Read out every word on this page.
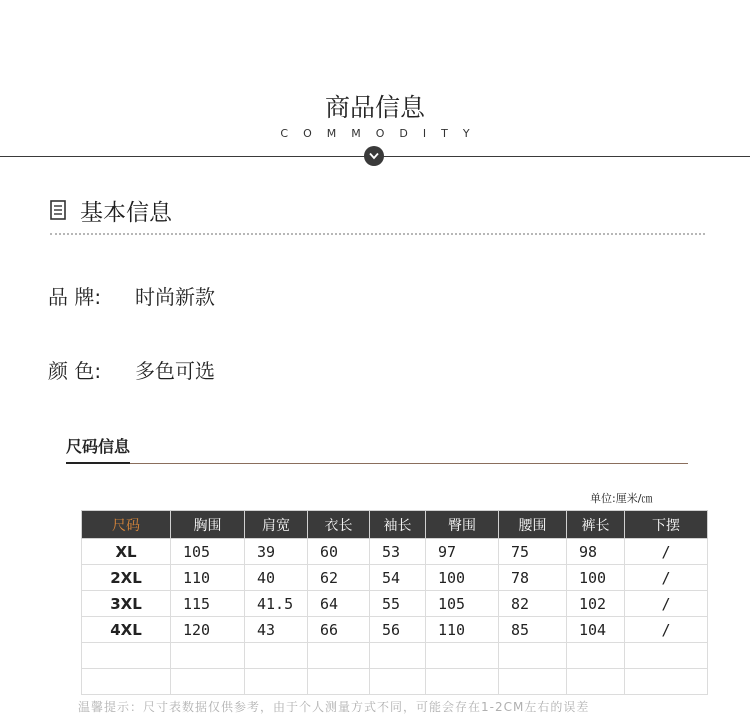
商品信息
COMMODITY
基本信息
品 牌: 时尚新款
颜 色: 多色可选
尺码信息
单位:厘米/㎝
尺码	胸围	肩宽	衣长	袖长	臀围	腰围	裤长	下摆
XL	105	39	60	53	97	75	98	/
2XL	110	40	62	54	100	78	100	/
3XL	115	41.5	64	55	105	82	102	/
4XL	120	43	66	56	110	85	104	/

温馨提示：尺寸表数据仅供参考，由于个人测量方式不同，可能会存在1-2CM左右的误差
